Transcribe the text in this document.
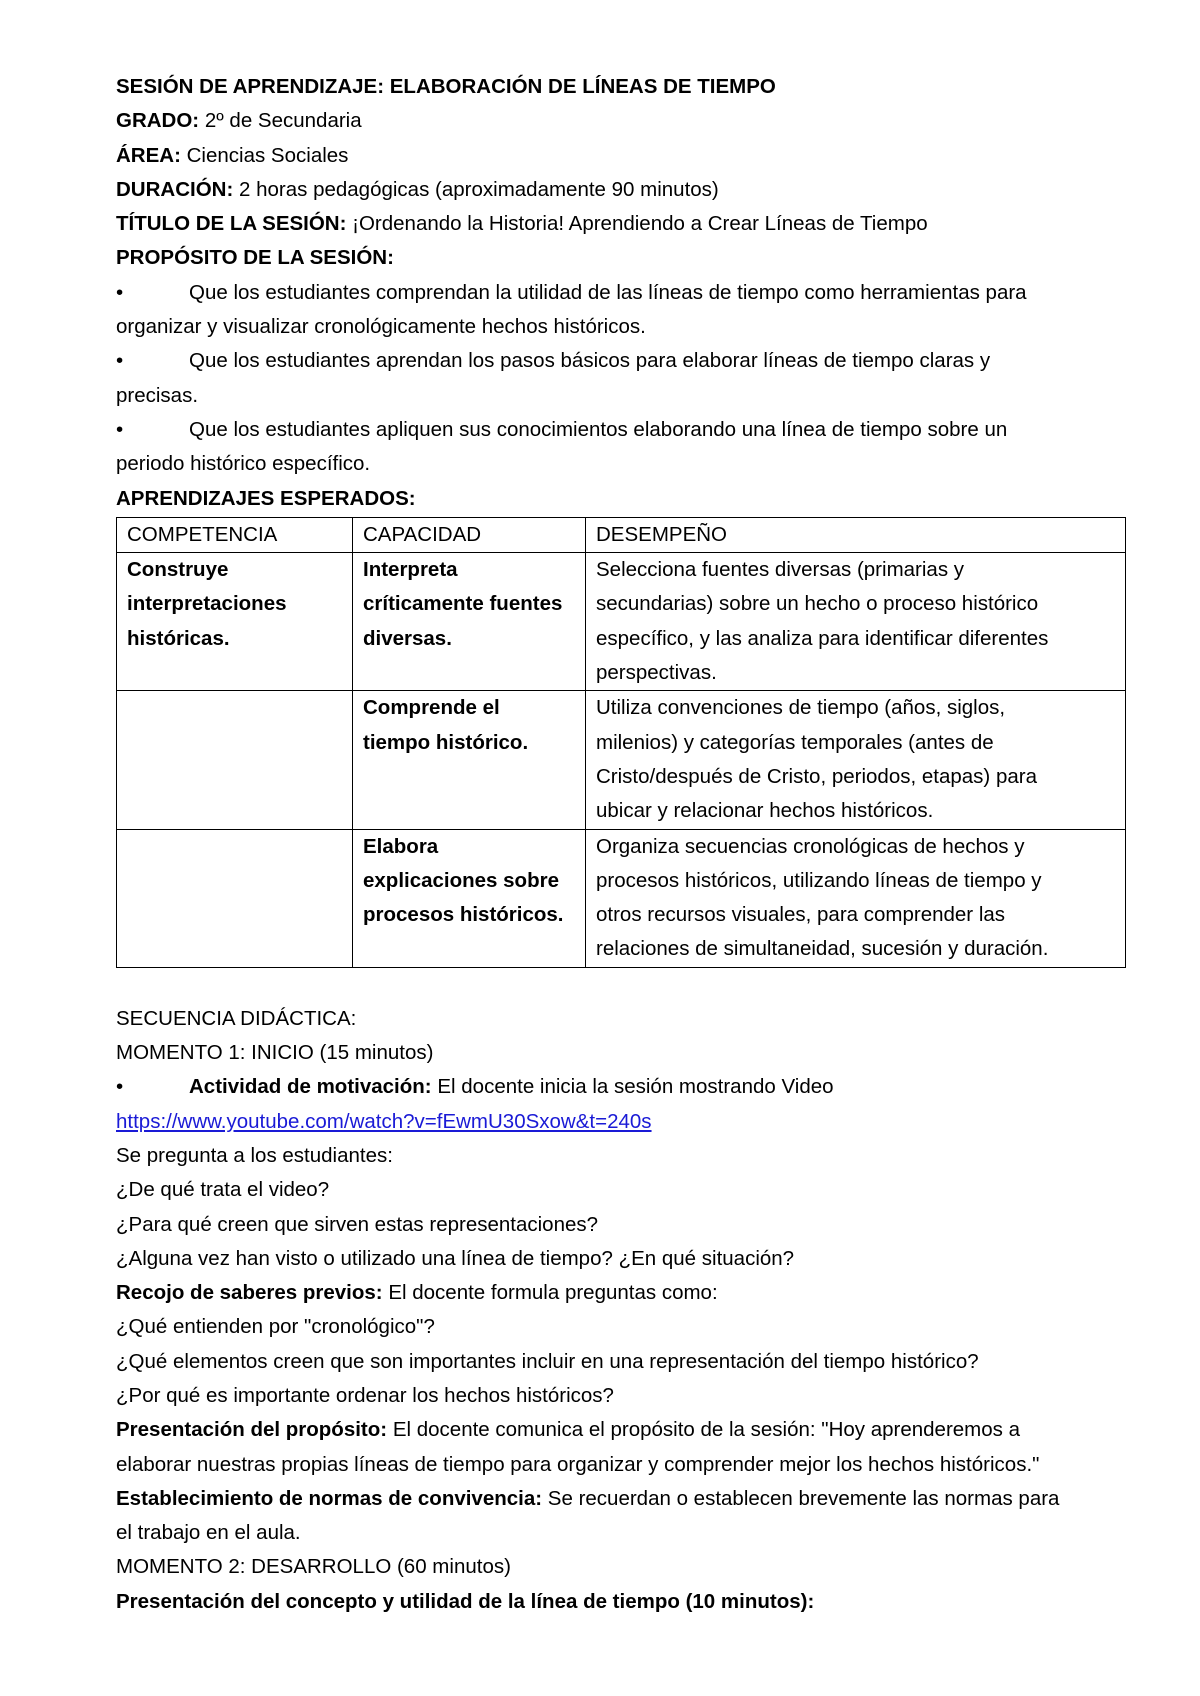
SESIÓN DE APRENDIZAJE: ELABORACIÓN DE LÍNEAS DE TIEMPO

GRADO: 2º de Secundaria

ÁREA: Ciencias Sociales

DURACIÓN: 2 horas pedagógicas (aproximadamente 90 minutos)

TÍTULO DE LA SESIÓN: ¡Ordenando la Historia! Aprendiendo a Crear Líneas de Tiempo

PROPÓSITO DE LA SESIÓN:

•	Que los estudiantes comprendan la utilidad de las líneas de tiempo como herramientas para

organizar y visualizar cronológicamente hechos históricos.

•	Que los estudiantes aprendan los pasos básicos para elaborar líneas de tiempo claras y

precisas.

•	Que los estudiantes apliquen sus conocimientos elaborando una línea de tiempo sobre un

periodo histórico específico.

APRENDIZAJES ESPERADOS:

COMPETENCIA	CAPACIDAD	DESEMPEÑO

Construye
interpretaciones
históricas.	Interpreta
críticamente fuentes
diversas.	Selecciona fuentes diversas (primarias y
secundarias) sobre un hecho o proceso histórico
específico, y las analiza para identificar diferentes
perspectivas.

	Comprende el
tiempo histórico.	Utiliza convenciones de tiempo (años, siglos,
milenios) y categorías temporales (antes de
Cristo/después de Cristo, periodos, etapas) para
ubicar y relacionar hechos históricos.

	Elabora
explicaciones sobre
procesos históricos.	Organiza secuencias cronológicas de hechos y
procesos históricos, utilizando líneas de tiempo y
otros recursos visuales, para comprender las
relaciones de simultaneidad, sucesión y duración.

SECUENCIA DIDÁCTICA:

MOMENTO 1: INICIO (15 minutos)

•	Actividad de motivación: El docente inicia la sesión mostrando Video

https://www.youtube.com/watch?v=fEwmU30Sxow&t=240s

Se pregunta a los estudiantes:

¿De qué trata el video?

¿Para qué creen que sirven estas representaciones?

¿Alguna vez han visto o utilizado una línea de tiempo? ¿En qué situación?

Recojo de saberes previos: El docente formula preguntas como:

¿Qué entienden por "cronológico"?

¿Qué elementos creen que son importantes incluir en una representación del tiempo histórico?

¿Por qué es importante ordenar los hechos históricos?

Presentación del propósito: El docente comunica el propósito de la sesión: "Hoy aprenderemos a

elaborar nuestras propias líneas de tiempo para organizar y comprender mejor los hechos históricos."

Establecimiento de normas de convivencia: Se recuerdan o establecen brevemente las normas para

el trabajo en el aula.

MOMENTO 2: DESARROLLO (60 minutos)

Presentación del concepto y utilidad de la línea de tiempo (10 minutos):
